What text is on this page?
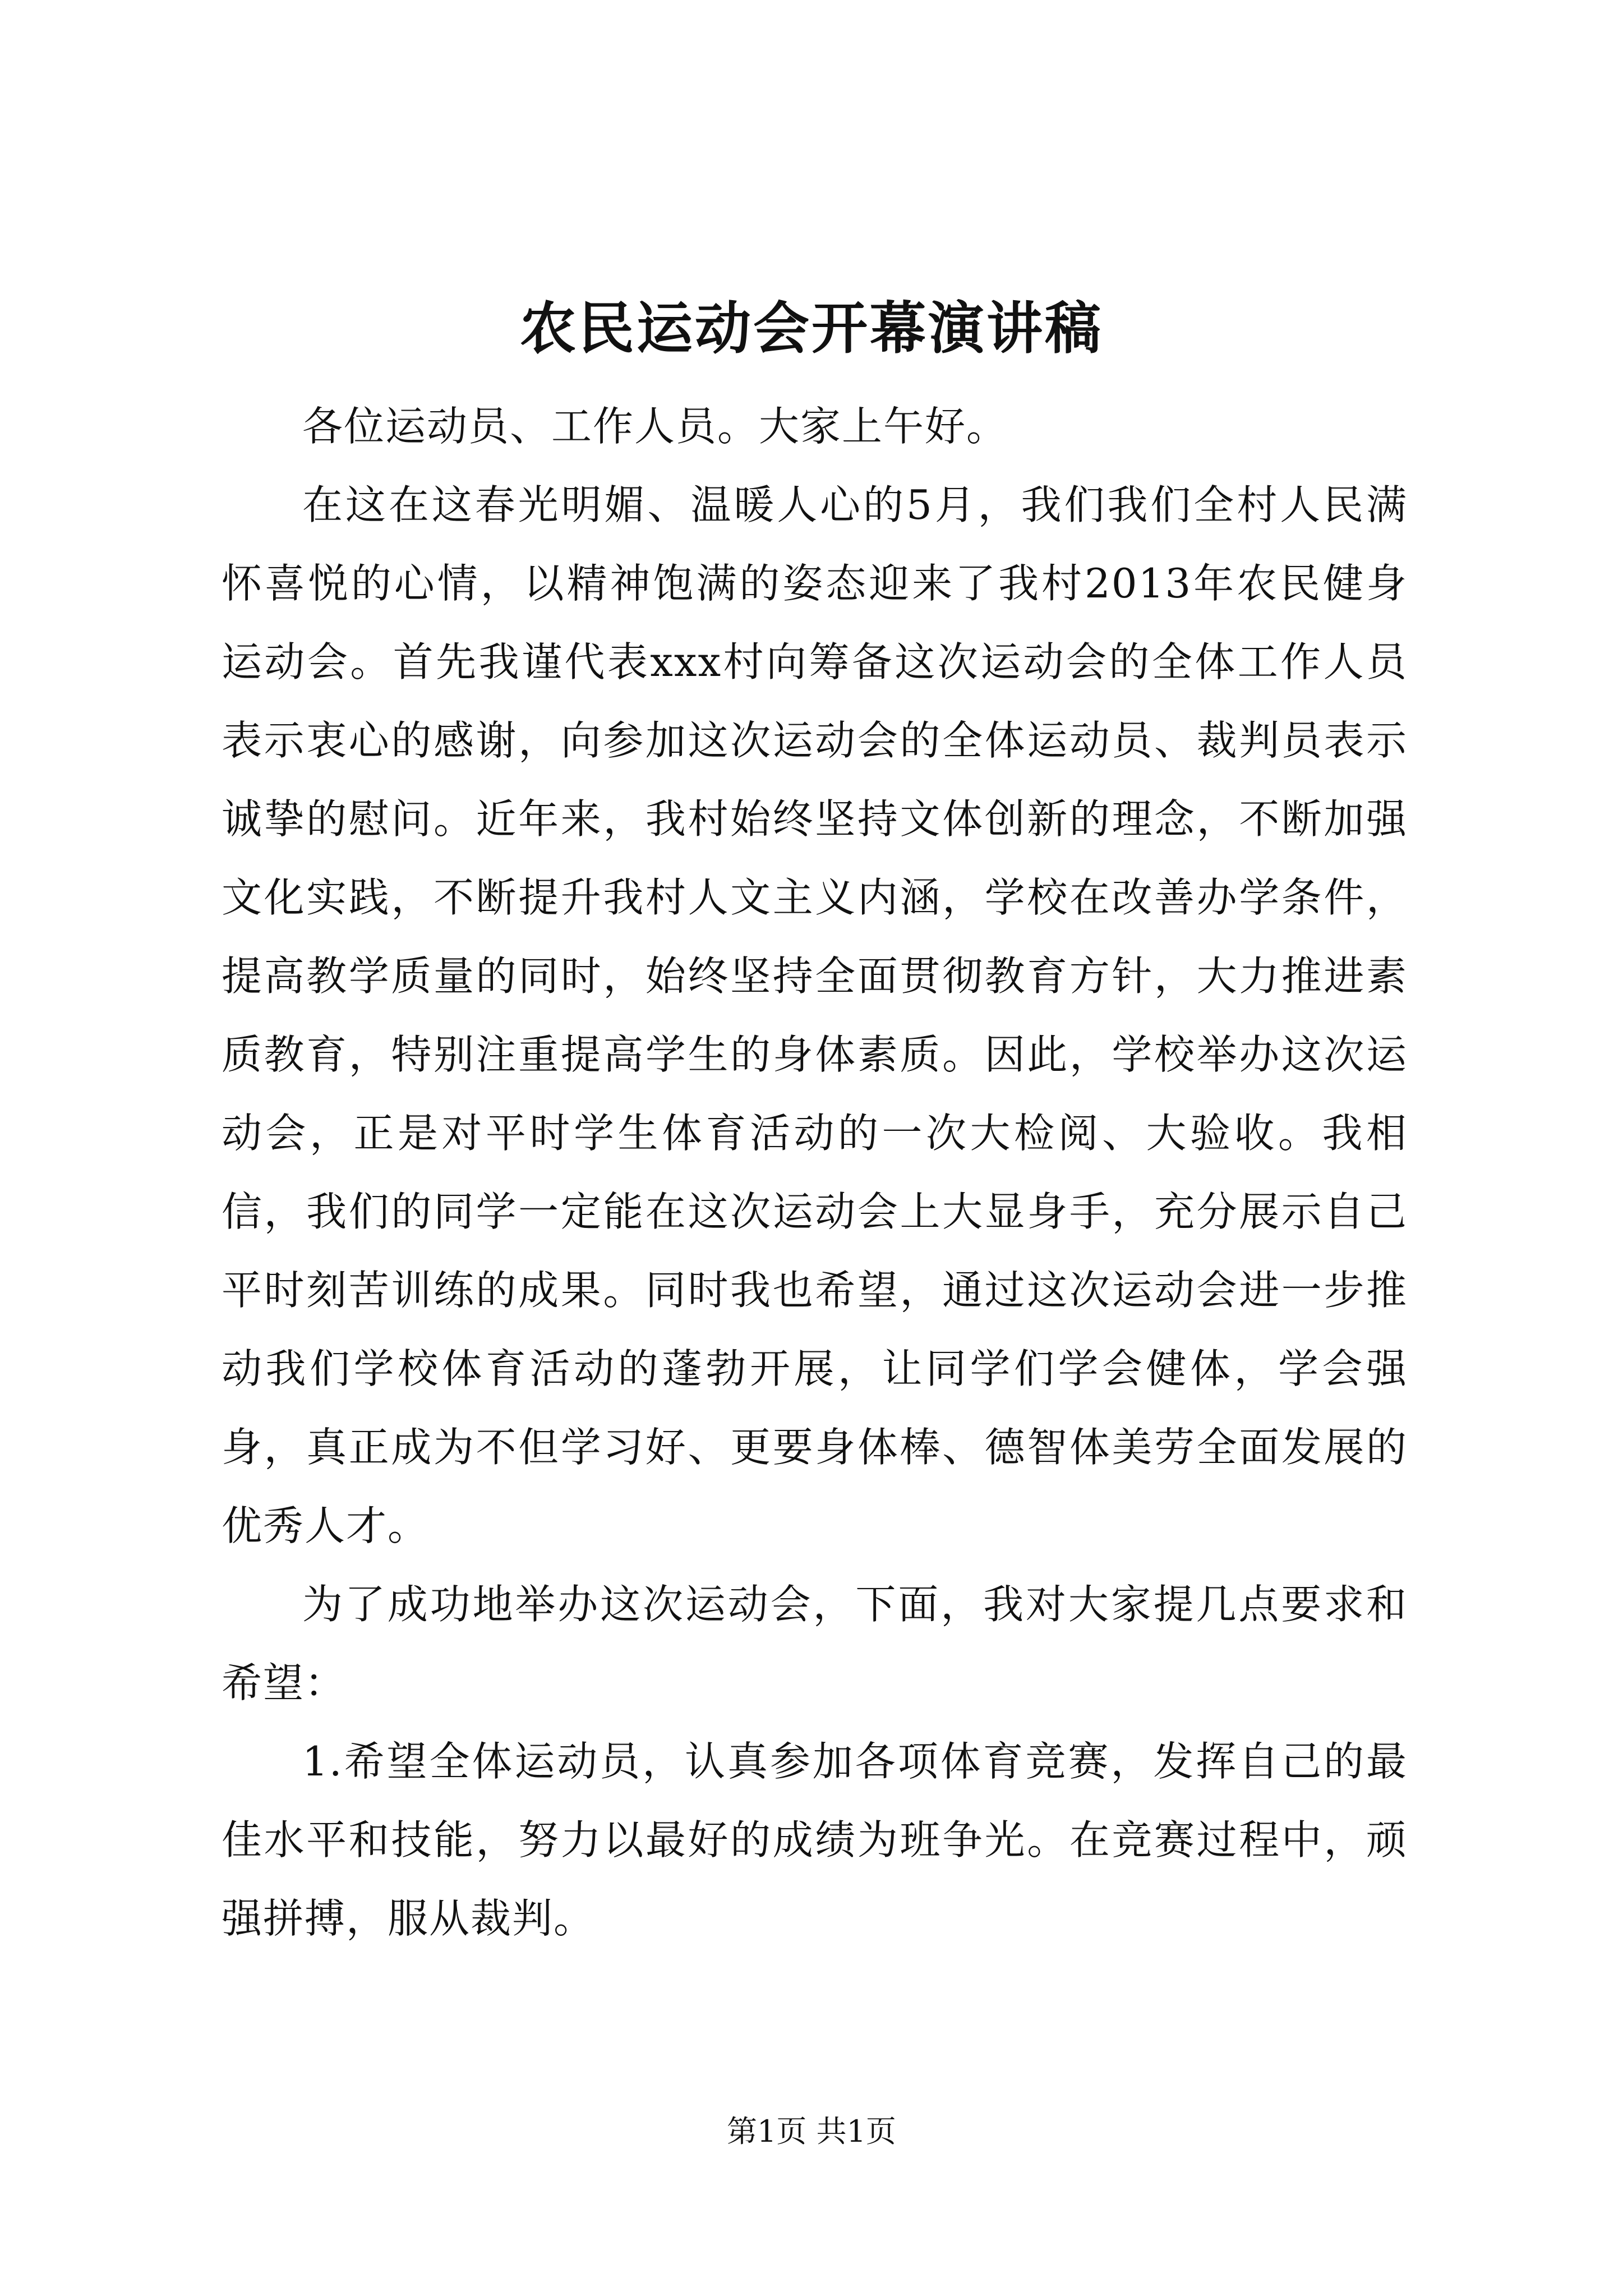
农民运动会开幕演讲稿

各位运动员、工作人员。大家上午好。

在这在这春光明媚、温暖人心的5月，我们我们全村人民满怀喜悦的心情，以精神饱满的姿态迎来了我村2013年农民健身运动会。首先我谨代表xxx村向筹备这次运动会的全体工作人员表示衷心的感谢，向参加这次运动会的全体运动员、裁判员表示诚挚的慰问。近年来，我村始终坚持文体创新的理念，不断加强文化实践，不断提升我村人文主义内涵，学校在改善办学条件，提高教学质量的同时，始终坚持全面贯彻教育方针，大力推进素质教育，特别注重提高学生的身体素质。因此，学校举办这次运动会，正是对平时学生体育活动的一次大检阅、大验收。我相信，我们的同学一定能在这次运动会上大显身手，充分展示自己平时刻苦训练的成果。同时我也希望，通过这次运动会进一步推动我们学校体育活动的蓬勃开展，让同学们学会健体，学会强身，真正成为不但学习好、更要身体棒、德智体美劳全面发展的优秀人才。

为了成功地举办这次运动会，下面，我对大家提几点要求和希望：

1.希望全体运动员，认真参加各项体育竞赛，发挥自己的最佳水平和技能，努力以最好的成绩为班争光。在竞赛过程中，顽强拼搏，服从裁判。

第1页 共1页
